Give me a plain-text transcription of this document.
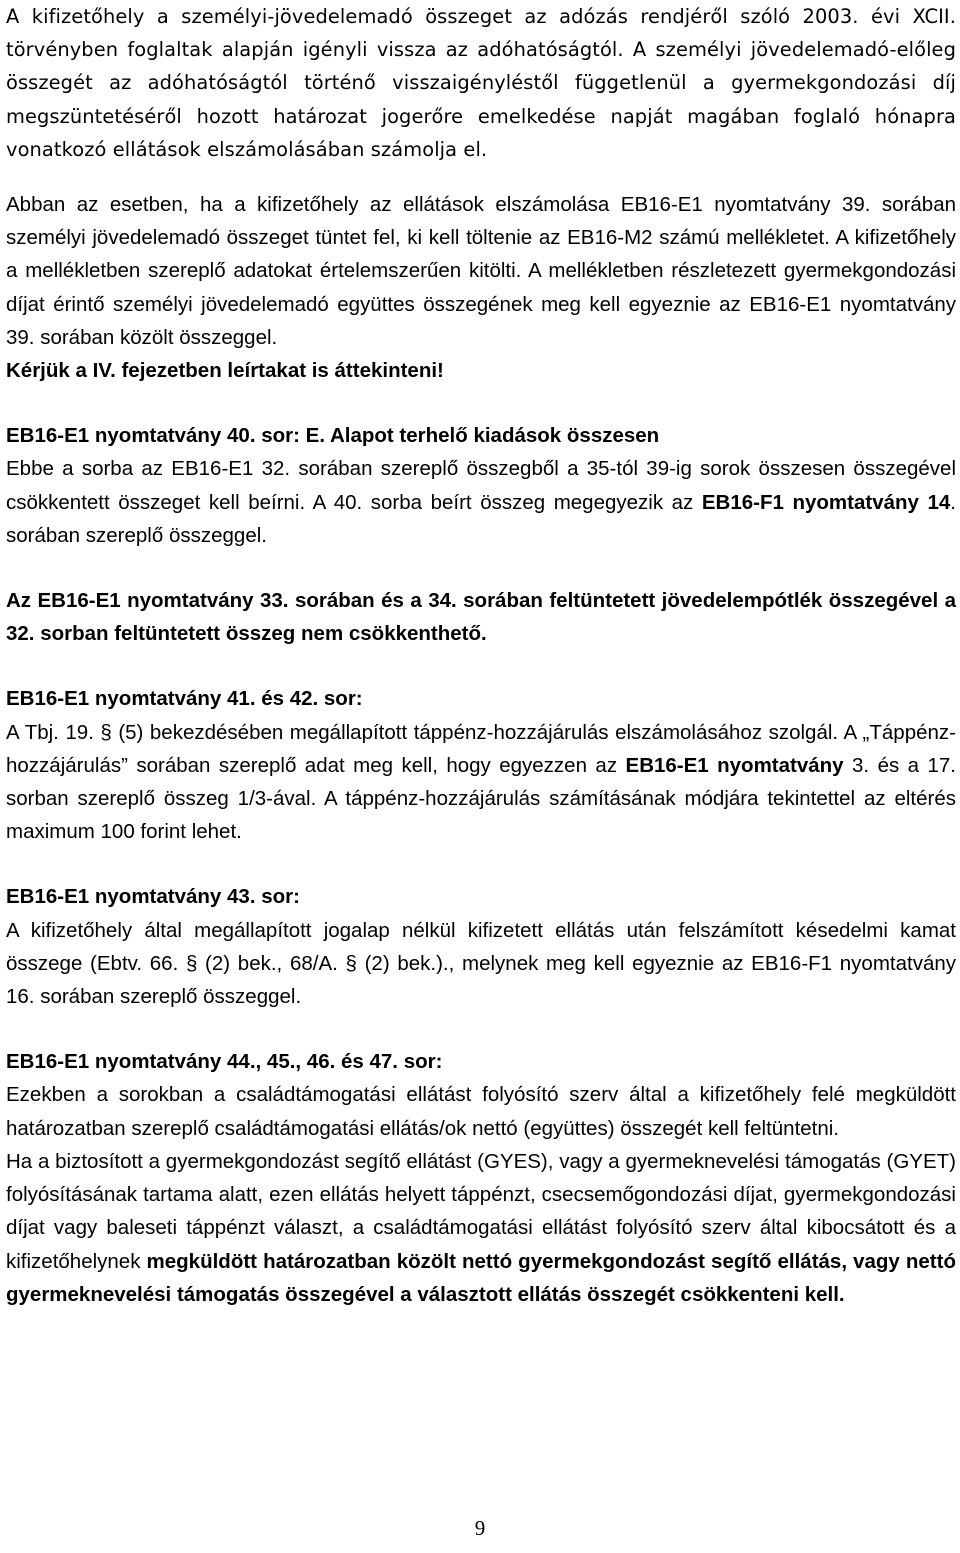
A kifizetőhely a személyi-jövedelemadó összeget az adózás rendjéről szóló 2003. évi XCII. törvényben foglaltak alapján igényli vissza az adóhatóságtól. A személyi jövedelemadó-előleg összegét az adóhatóságtól történő visszaigényléstől függetlenül a gyermekgondozási díj megszüntetéséről hozott határozat jogerőre emelkedése napját magában foglaló hónapra vonatkozó ellátások elszámolásában számolja el.

Abban az esetben, ha a kifizetőhely az ellátások elszámolása EB16-E1 nyomtatvány 39. sorában személyi jövedelemadó összeget tüntet fel, ki kell töltenie az EB16-M2 számú mellékletet. A kifizetőhely a mellékletben szereplő adatokat értelemszerűen kitölti. A mellékletben részletezett gyermekgondozási díjat érintő személyi jövedelemadó együttes összegének meg kell egyeznie az EB16-E1 nyomtatvány 39. sorában közölt összeggel.

Kérjük a IV. fejezetben leírtakat is áttekinteni!

EB16-E1 nyomtatvány 40. sor: E. Alapot terhelő kiadások összesen

Ebbe a sorba az EB16-E1 32. sorában szereplő összegből a 35-tól 39-ig sorok összesen összegével csökkentett összeget kell beírni. A 40. sorba beírt összeg megegyezik az EB16-F1 nyomtatvány 14. sorában szereplő összeggel.

Az EB16-E1 nyomtatvány 33. sorában és a 34. sorában feltüntetett jövedelempótlék összegével a 32. sorban feltüntetett összeg nem csökkenthető.

EB16-E1 nyomtatvány 41. és 42. sor:

A Tbj. 19. § (5) bekezdésében megállapított táppénz-hozzájárulás elszámolásához szolgál. A „Táppénz-hozzájárulás” sorában szereplő adat meg kell, hogy egyezzen az EB16-E1 nyomtatvány 3. és a 17. sorban szereplő összeg 1/3-ával. A táppénz-hozzájárulás számításának módjára tekintettel az eltérés maximum 100 forint lehet.

EB16-E1 nyomtatvány 43. sor:

A kifizetőhely által megállapított jogalap nélkül kifizetett ellátás után felszámított késedelmi kamat összege (Ebtv. 66. § (2) bek., 68/A. § (2) bek.)., melynek meg kell egyeznie az EB16-F1 nyomtatvány 16. sorában szereplő összeggel.

EB16-E1 nyomtatvány 44., 45., 46. és 47. sor:

Ezekben a sorokban a családtámogatási ellátást folyósító szerv által a kifizetőhely felé megküldött határozatban szereplő családtámogatási ellátás/ok nettó (együttes) összegét kell feltüntetni.

Ha a biztosított a gyermekgondozást segítő ellátást (GYES), vagy a gyermeknevelési támogatás (GYET) folyósításának tartama alatt, ezen ellátás helyett táppénzt, csecsemőgondozási díjat, gyermekgondozási díjat vagy baleseti táppénzt választ, a családtámogatási ellátást folyósító szerv által kibocsátott és a kifizetőhelynek megküldött határozatban közölt nettó gyermekgondozást segítő ellátás, vagy nettó gyermeknevelési támogatás összegével a választott ellátás összegét csökkenteni kell.

9
